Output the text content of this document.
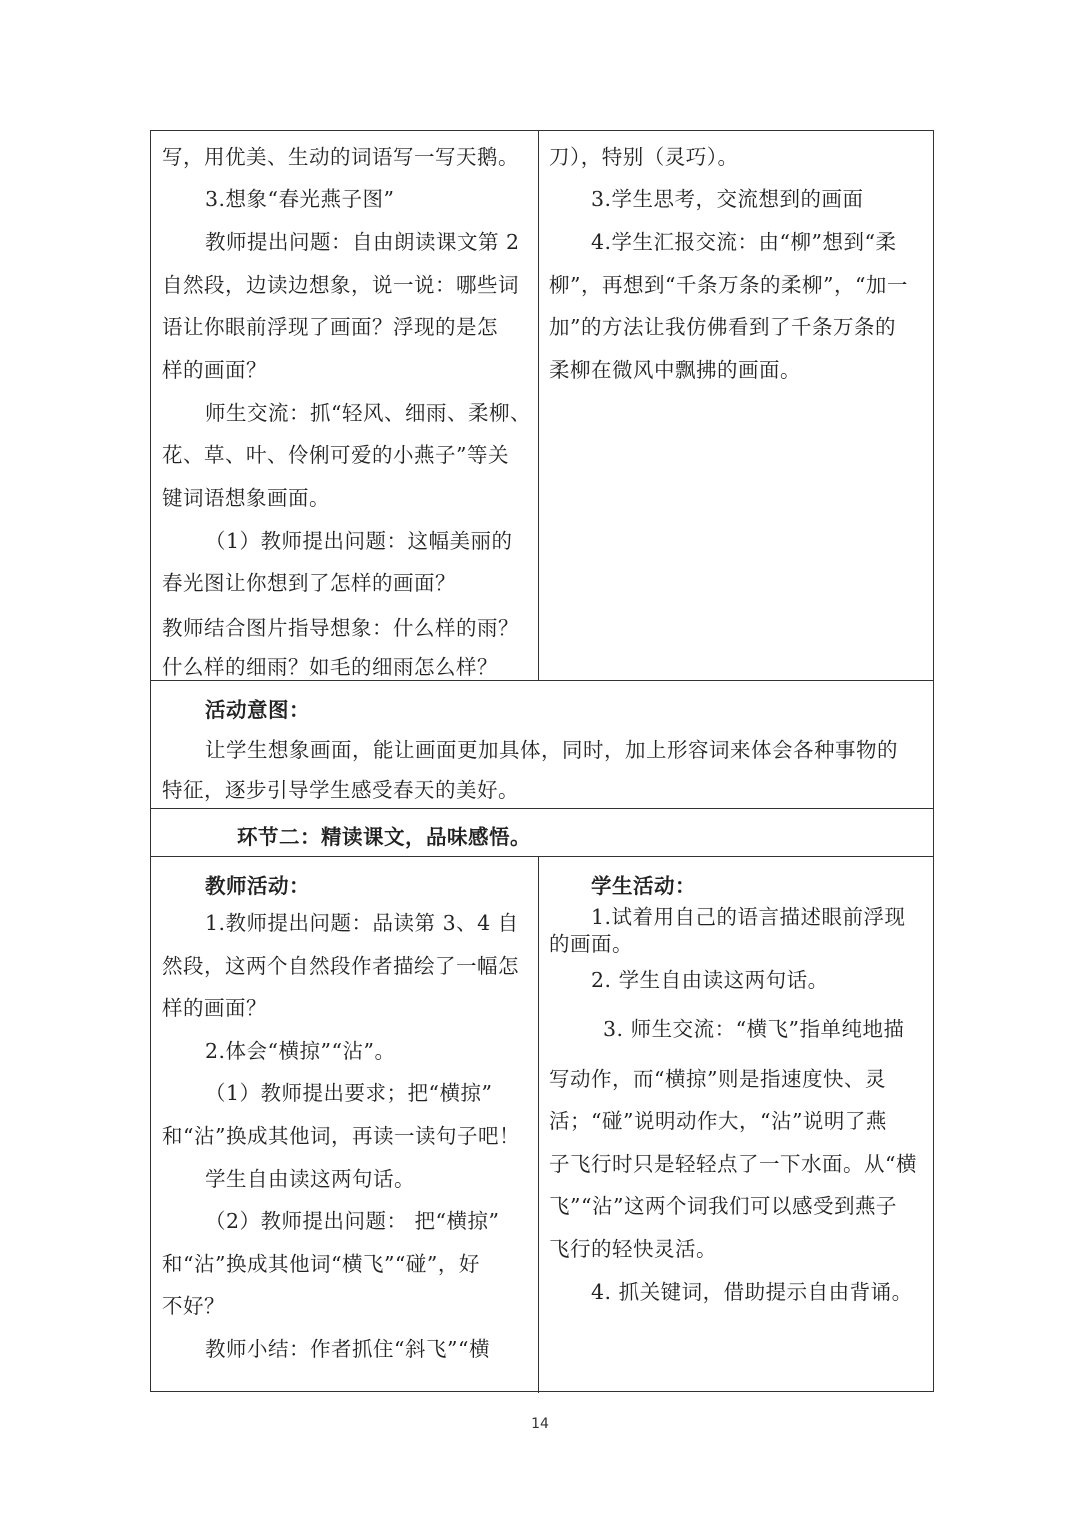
写，用优美、生动的词语写一写天鹅。
3.想象“春光燕子图”
教师提出问题：自由朗读课文第 2
自然段，边读边想象，说一说：哪些词
语让你眼前浮现了画面？浮现的是怎
样的画面？
师生交流：抓“轻风、细雨、柔柳、
花、草、叶、伶俐可爱的小燕子”等关
键词语想象画面。
（1）教师提出问题：这幅美丽的
春光图让你想到了怎样的画面？
教师结合图片指导想象：什么样的雨？
什么样的细雨？如毛的细雨怎么样？
刀），特别（灵巧）。
3.学生思考，交流想到的画面
4.学生汇报交流：由“柳”想到“柔
柳”，再想到“千条万条的柔柳”，“加一
加”的方法让我仿佛看到了千条万条的
柔柳在微风中飘拂的画面。
活动意图：
让学生想象画面，能让画面更加具体，同时，加上形容词来体会各种事物的
特征，逐步引导学生感受春天的美好。
环节二：精读课文，品味感悟。
教师活动：
1.教师提出问题：品读第 3、4 自
然段，这两个自然段作者描绘了一幅怎
样的画面？
2.体会“横掠”“沾”。
（1）教师提出要求；把“横掠”
和“沾”换成其他词，再读一读句子吧！
学生自由读这两句话。
（2）教师提出问题： 把“横掠”
和“沾”换成其他词“横飞”“碰”，好
不好？
教师小结：作者抓住“斜飞”“横
学生活动：
1.试着用自己的语言描述眼前浮现
的画面。
2. 学生自由读这两句话。
3. 师生交流：“横飞”指单纯地描
写动作，而“横掠”则是指速度快、灵
活；“碰”说明动作大，“沾”说明了燕
子飞行时只是轻轻点了一下水面。从“横
飞”“沾”这两个词我们可以感受到燕子
飞行的轻快灵活。
4. 抓关键词，借助提示自由背诵。
14
